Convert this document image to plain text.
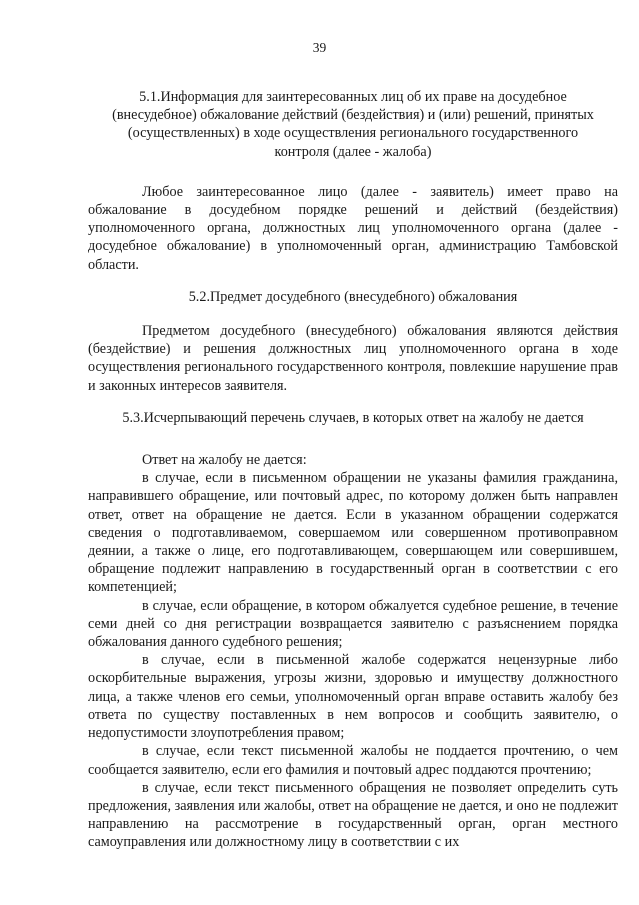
39

5.1.Информация для заинтересованных лиц об их праве на досудебное (внесудебное) обжалование действий (бездействия) и (или) решений, принятых (осуществленных) в ходе осуществления регионального государственного контроля (далее - жалоба)

Любое заинтересованное лицо (далее - заявитель) имеет право на обжалование в досудебном порядке решений и действий (бездействия) уполномоченного органа, должностных лиц уполномоченного органа (далее - досудебное обжалование) в уполномоченный орган, администрацию Тамбовской области.

5.2.Предмет досудебного (внесудебного) обжалования

Предметом досудебного (внесудебного) обжалования являются действия (бездействие) и решения должностных лиц уполномоченного органа в ходе осуществления регионального государственного контроля, повлекшие нарушение прав и законных интересов заявителя.

5.3.Исчерпывающий перечень случаев, в которых ответ на жалобу не дается

Ответ на жалобу не дается:

в случае, если в письменном обращении не указаны фамилия гражданина, направившего обращение, или почтовый адрес, по которому должен быть направлен ответ, ответ на обращение не дается. Если в указанном обращении содержатся сведения о подготавливаемом, совершаемом или совершенном противоправном деянии, а также о лице, его подготавливающем, совершающем или совершившем, обращение подлежит направлению в государственный орган в соответствии с его компетенцией;

в случае, если обращение, в котором обжалуется судебное решение, в течение семи дней со дня регистрации возвращается заявителю с разъяснением порядка обжалования данного судебного решения;

в случае, если в письменной жалобе содержатся нецензурные либо оскорбительные выражения, угрозы жизни, здоровью и имуществу должностного лица, а также членов его семьи, уполномоченный орган вправе оставить жалобу без ответа по существу поставленных в нем вопросов и сообщить заявителю, о недопустимости злоупотребления правом;

в случае, если текст письменной жалобы не поддается прочтению, о чем сообщается заявителю, если его фамилия и почтовый адрес поддаются прочтению;

в случае, если текст письменного обращения не позволяет определить суть предложения, заявления или жалобы, ответ на обращение не дается, и оно не подлежит направлению на рассмотрение в государственный орган, орган местного самоуправления или должностному лицу в соответствии с их
